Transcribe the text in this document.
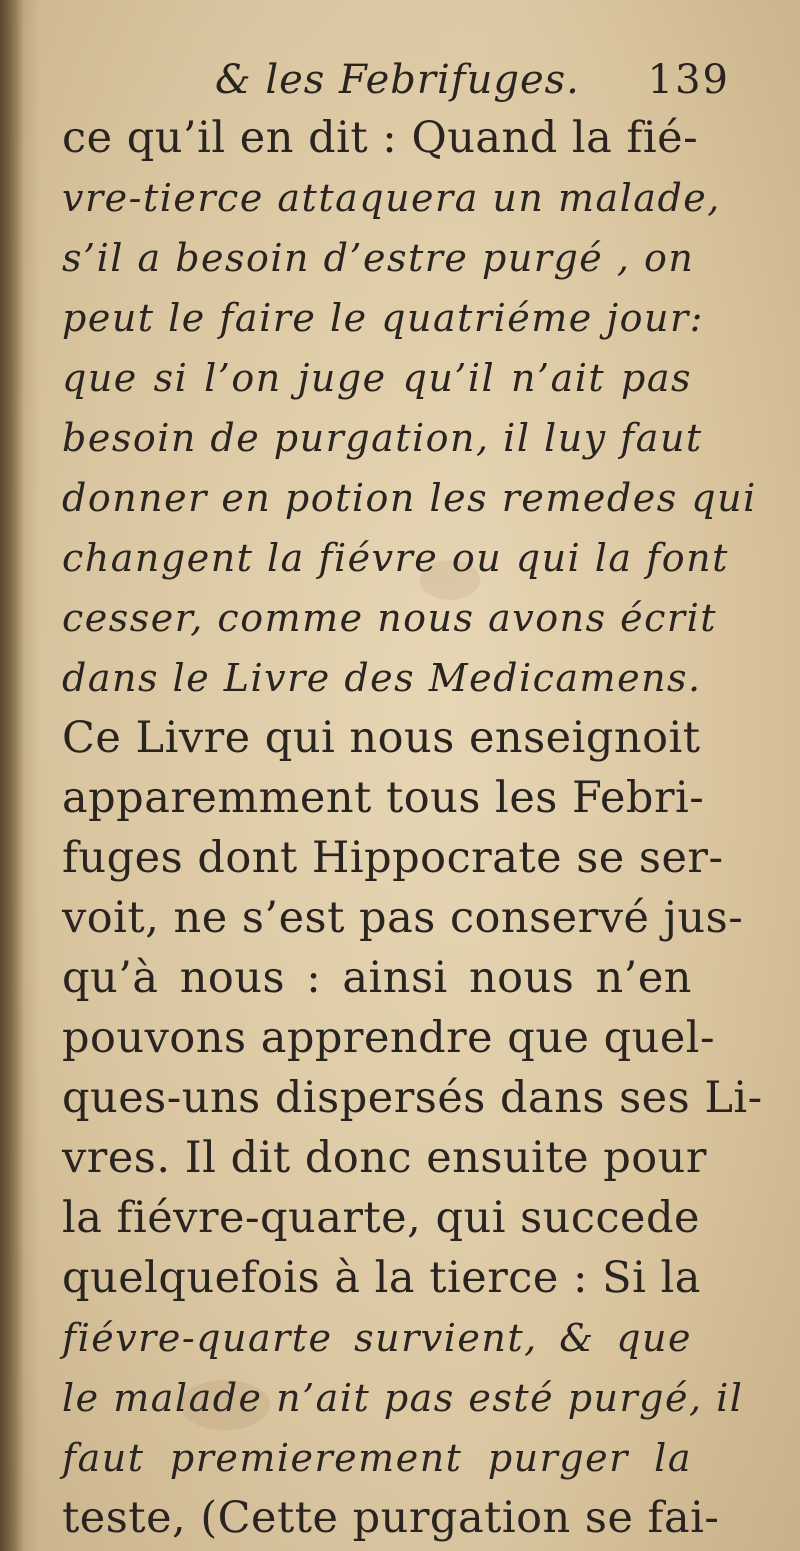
& les Febrifuges. 139
ce qu’il en dit : Quand la fié-
vre-tierce attaquera un malade,
s’il a besoin d’estre purgé , on
peut le faire le quatriéme jour:
que si l’on juge qu’il n’ait pas
besoin de purgation, il luy faut
donner en potion les remedes qui
changent la fiévre ou qui la font
cesser, comme nous avons écrit
dans le Livre des Medicamens.
Ce Livre qui nous enseignoit
apparemment tous les Febri-
fuges dont Hippocrate se ser-
voit, ne s’est pas conservé jus-
qu’à nous : ainsi nous n’en
pouvons apprendre que quel-
ques-uns dispersés dans ses Li-
vres. Il dit donc ensuite pour
la fiévre-quarte, qui succede
quelquefois à la tierce : Si la
fiévre-quarte survient, & que
le malade n’ait pas esté purgé, il
faut premierement purger la
teste, (Cette purgation se fai-
